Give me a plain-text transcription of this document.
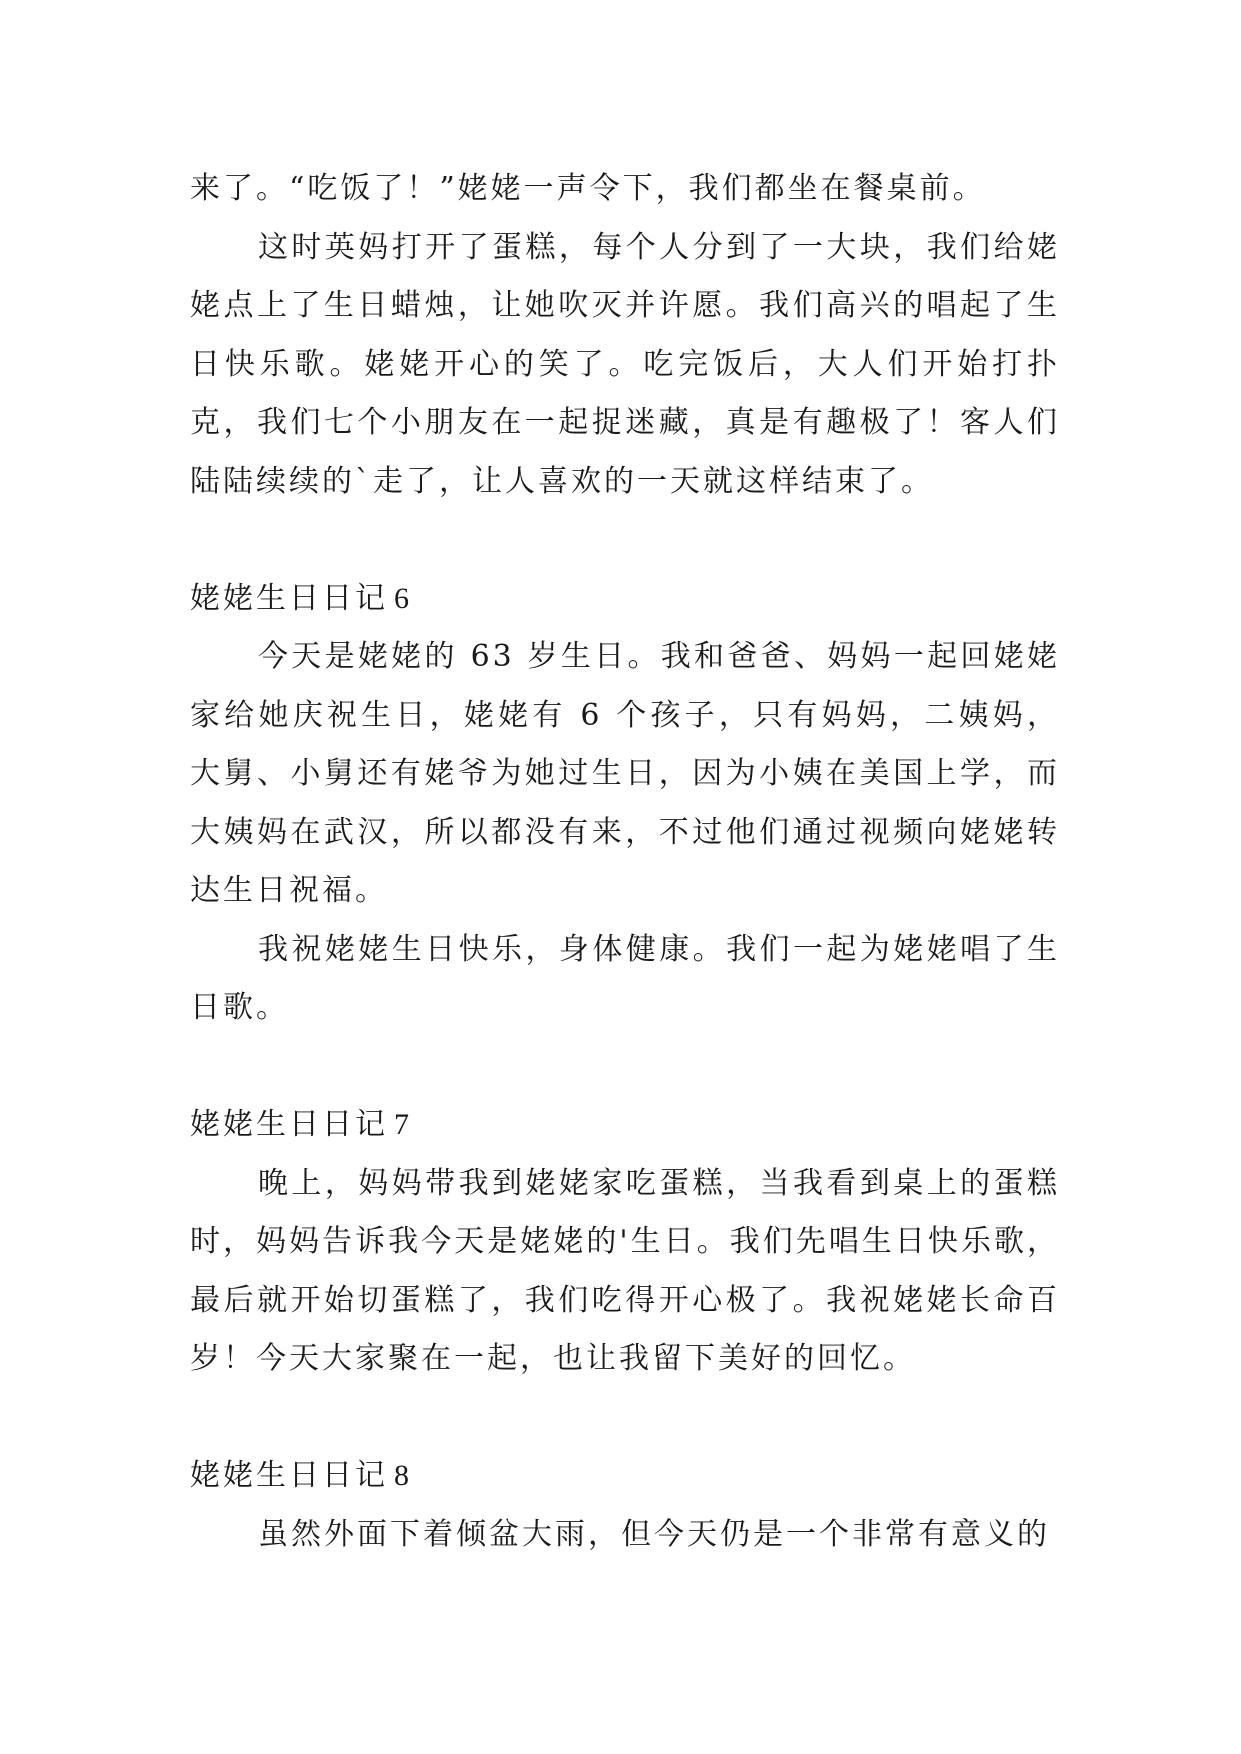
来了。“吃饭了！”姥姥一声令下，我们都坐在餐桌前。

这时英妈打开了蛋糕，每个人分到了一大块，我们给姥姥点上了生日蜡烛，让她吹灭并许愿。我们高兴的唱起了生日快乐歌。姥姥开心的笑了。吃完饭后，大人们开始打扑克，我们七个小朋友在一起捉迷藏，真是有趣极了！客人们陆陆续续的`走了，让人喜欢的一天就这样结束了。

姥姥生日日记 6

今天是姥姥的 63 岁生日。我和爸爸、妈妈一起回姥姥家给她庆祝生日，姥姥有 6 个孩子，只有妈妈，二姨妈，大舅、小舅还有姥爷为她过生日，因为小姨在美国上学，而大姨妈在武汉，所以都没有来，不过他们通过视频向姥姥转达生日祝福。

我祝姥姥生日快乐，身体健康。我们一起为姥姥唱了生日歌。

姥姥生日日记 7

晚上，妈妈带我到姥姥家吃蛋糕，当我看到桌上的蛋糕时，妈妈告诉我今天是姥姥的'生日。我们先唱生日快乐歌，最后就开始切蛋糕了，我们吃得开心极了。我祝姥姥长命百岁！今天大家聚在一起，也让我留下美好的回忆。

姥姥生日日记 8

虽然外面下着倾盆大雨，但今天仍是一个非常有意义的
